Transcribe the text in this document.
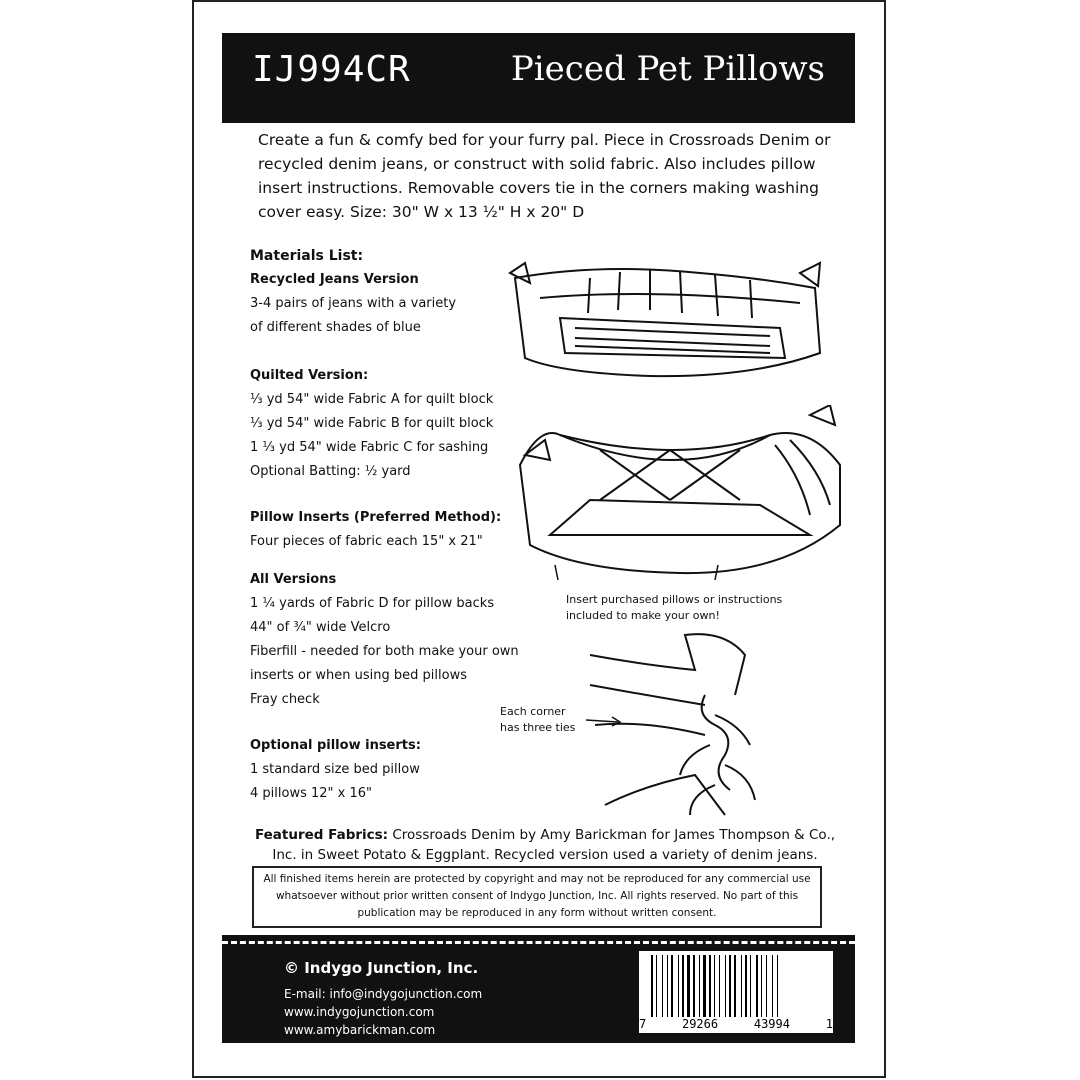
IJ994CR	Pieced Pet Pillows
Create a fun & comfy bed for your furry pal. Piece in Crossroads Denim or recycled denim jeans, or construct with solid fabric. Also includes pillow insert instructions. Removable covers tie in the corners making washing cover easy. Size: 30" W x 13 ½" H x 20" D
Materials List:
Recycled Jeans Version

3-4 pairs of jeans with a variety

of different shades of blue

Quilted Version:

⅓ yd 54" wide Fabric A for quilt block

⅓ yd 54" wide Fabric B for quilt block

1 ⅓ yd 54" wide Fabric C for sashing

Optional Batting: ½ yard

Pillow Inserts (Preferred Method):

Four pieces of fabric each 15" x 21"

All Versions

1 ¼ yards of Fabric D for pillow backs

44" of ¾" wide Velcro

Fiberfill - needed for both make your own

inserts or when using bed pillows

Fray check

Optional pillow inserts:

1 standard size bed pillow

4 pillows 12" x 16"

Insert purchased pillows or instructions
included to make your own!
Each corner
has three ties
Featured Fabrics: Crossroads Denim by Amy Barickman for James Thompson & Co., Inc. in Sweet Potato & Eggplant. Recycled version used a variety of denim jeans.
All finished items herein are protected by copyright and may not be reproduced for any commercial use whatsoever without prior written consent of Indygo Junction, Inc. All rights reserved. No part of this publication may be reproduced in any form without written consent.
© Indygo Junction, Inc.
E-mail: info@indygojunction.com
www.indygojunction.com
www.amybarickman.com	7	29266	43994	1
